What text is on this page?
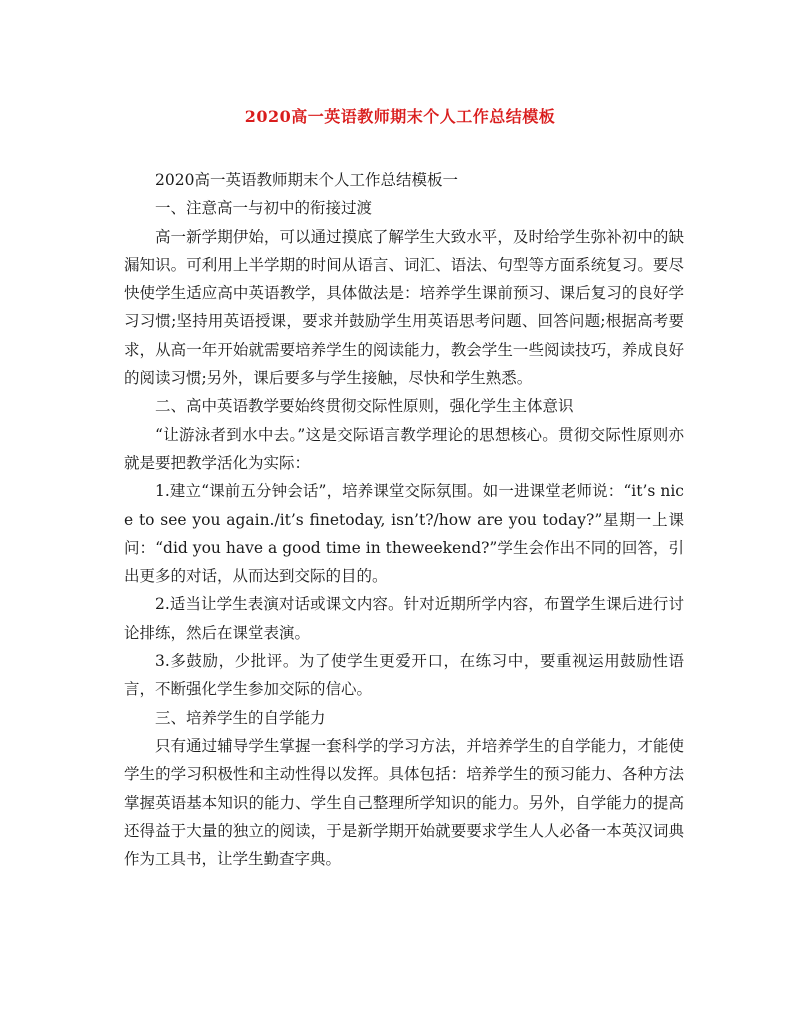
2020高一英语教师期末个人工作总结模板

2020高一英语教师期末个人工作总结模板一

一、注意高一与初中的衔接过渡

高一新学期伊始，可以通过摸底了解学生大致水平，及时给学生弥补初中的缺漏知识。可利用上半学期的时间从语言、词汇、语法、句型等方面系统复习。要尽快使学生适应高中英语教学，具体做法是：培养学生课前预习、课后复习的良好学习习惯;坚持用英语授课，要求并鼓励学生用英语思考问题、回答问题;根据高考要求，从高一年开始就需要培养学生的阅读能力，教会学生一些阅读技巧，养成良好的阅读习惯;另外，课后要多与学生接触，尽快和学生熟悉。

二、高中英语教学要始终贯彻交际性原则，强化学生主体意识

“让游泳者到水中去。”这是交际语言教学理论的思想核心。贯彻交际性原则亦就是要把教学活化为实际：

1.建立“课前五分钟会话”，培养课堂交际氛围。如一进课堂老师说：“it’s nice to see you again./it’s finetoday, isn’t?/how are you today?”星期一上课问：“did you have a good time in theweekend?”学生会作出不同的回答，引出更多的对话，从而达到交际的目的。

2.适当让学生表演对话或课文内容。针对近期所学内容，布置学生课后进行讨论排练，然后在课堂表演。

3.多鼓励，少批评。为了使学生更爱开口，在练习中，要重视运用鼓励性语言，不断强化学生参加交际的信心。

三、培养学生的自学能力

只有通过辅导学生掌握一套科学的学习方法，并培养学生的自学能力，才能使学生的学习积极性和主动性得以发挥。具体包括：培养学生的预习能力、各种方法掌握英语基本知识的能力、学生自己整理所学知识的能力。另外，自学能力的提高还得益于大量的独立的阅读，于是新学期开始就要要求学生人人必备一本英汉词典作为工具书，让学生勤查字典。
